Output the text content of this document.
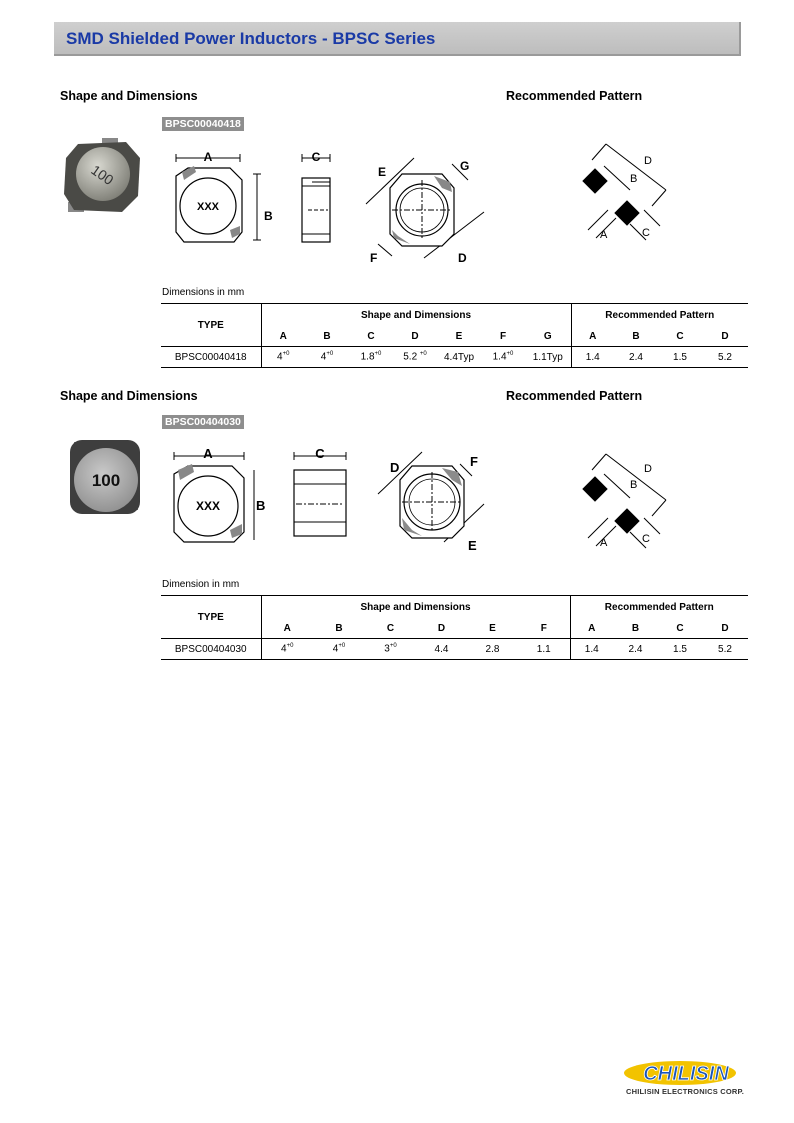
SMD Shielded Power Inductors - BPSC Series
Shape and Dimensions	Recommended Pattern
BPSC00040418
100
A
XXX
B
C
E	G
F	D
D
B
A	C
Dimensions in mm
TYPE	Shape and Dimensions							Recommended Pattern			
	A	B	C	D	E	F	G	A	B	C	D
BPSC00040418	$4^{+0}$	$4^{+0}$	$1.8^{+0}$	5.2 $^{+0}$	4.4Typ	$1.4^{+0}$	1.1Typ	1.4	2.4	1.5	5.2
Shape and Dimensions	Recommended Pattern
BPSC00404030
100
A
XXX	B
C
D	F
E
D
B
A	C
Dimension in mm
TYPE	Shape and Dimensions						Recommended Pattern			
	A	B	C	D	E	F	A	B	C	D
BPSC00404030	$4^{+0}$	$4^{+0}$	$3^{+0}$	4.4	2.8	1.1	1.4	2.4	1.5	5.2
CHILISIN
CHILISIN ELECTRONICS CORP.
